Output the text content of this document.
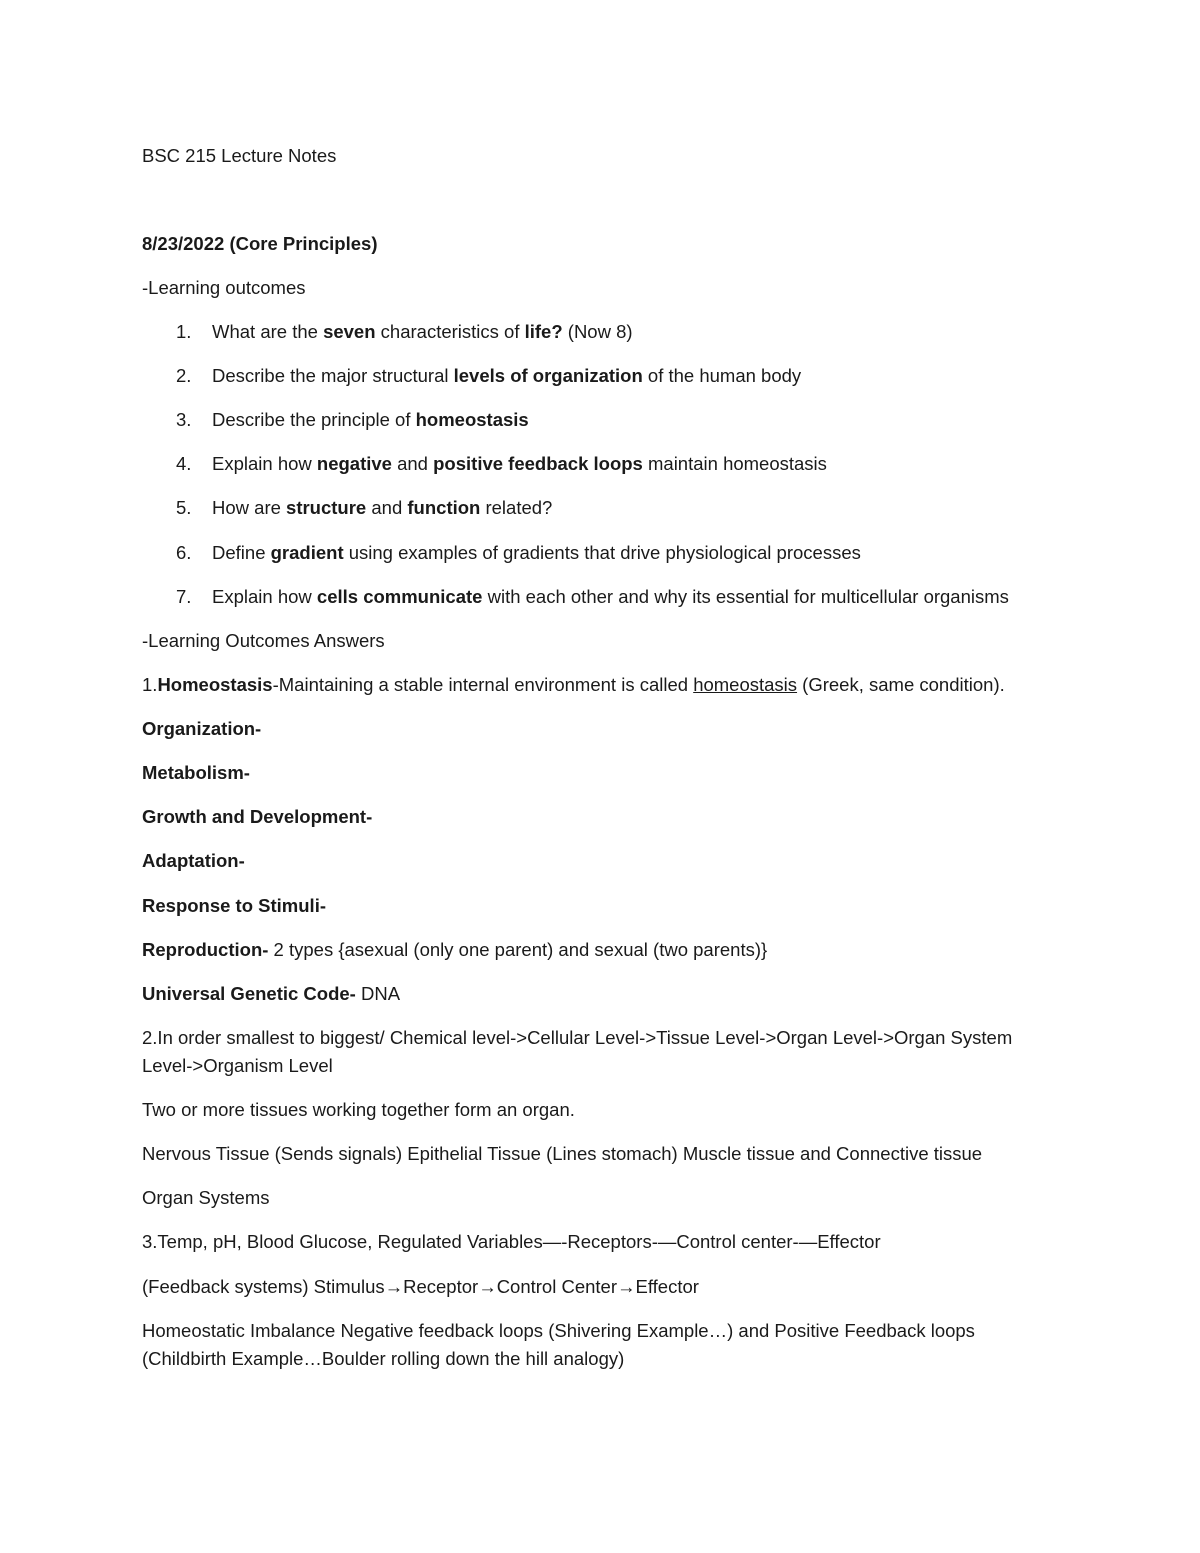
BSC 215 Lecture Notes
8/23/2022 (Core Principles)
-Learning outcomes
1. What are the seven characteristics of life? (Now 8)
2. Describe the major structural levels of organization of the human body
3. Describe the principle of homeostasis
4. Explain how negative and positive feedback loops maintain homeostasis
5. How are structure and function related?
6. Define gradient using examples of gradients that drive physiological processes
7. Explain how cells communicate with each other and why its essential for multicellular organisms
-Learning Outcomes Answers
1.Homeostasis-Maintaining a stable internal environment is called homeostasis (Greek, same condition).
Organization-
Metabolism-
Growth and Development-
Adaptation-
Response to Stimuli-
Reproduction- 2 types {asexual (only one parent) and sexual (two parents)}
Universal Genetic Code- DNA
2.In order smallest to biggest/ Chemical level->Cellular Level->Tissue Level->Organ Level->Organ System
Level->Organism Level
Two or more tissues working together form an organ.
Nervous Tissue (Sends signals) Epithelial Tissue (Lines stomach) Muscle tissue and Connective tissue
Organ Systems
3.Temp, pH, Blood Glucose, Regulated Variables—-Receptors-—Control center-—Effector
(Feedback systems) Stimulus→Receptor→Control Center→Effector
Homeostatic Imbalance Negative feedback loops (Shivering Example…) and Positive Feedback loops
(Childbirth Example…Boulder rolling down the hill analogy)
